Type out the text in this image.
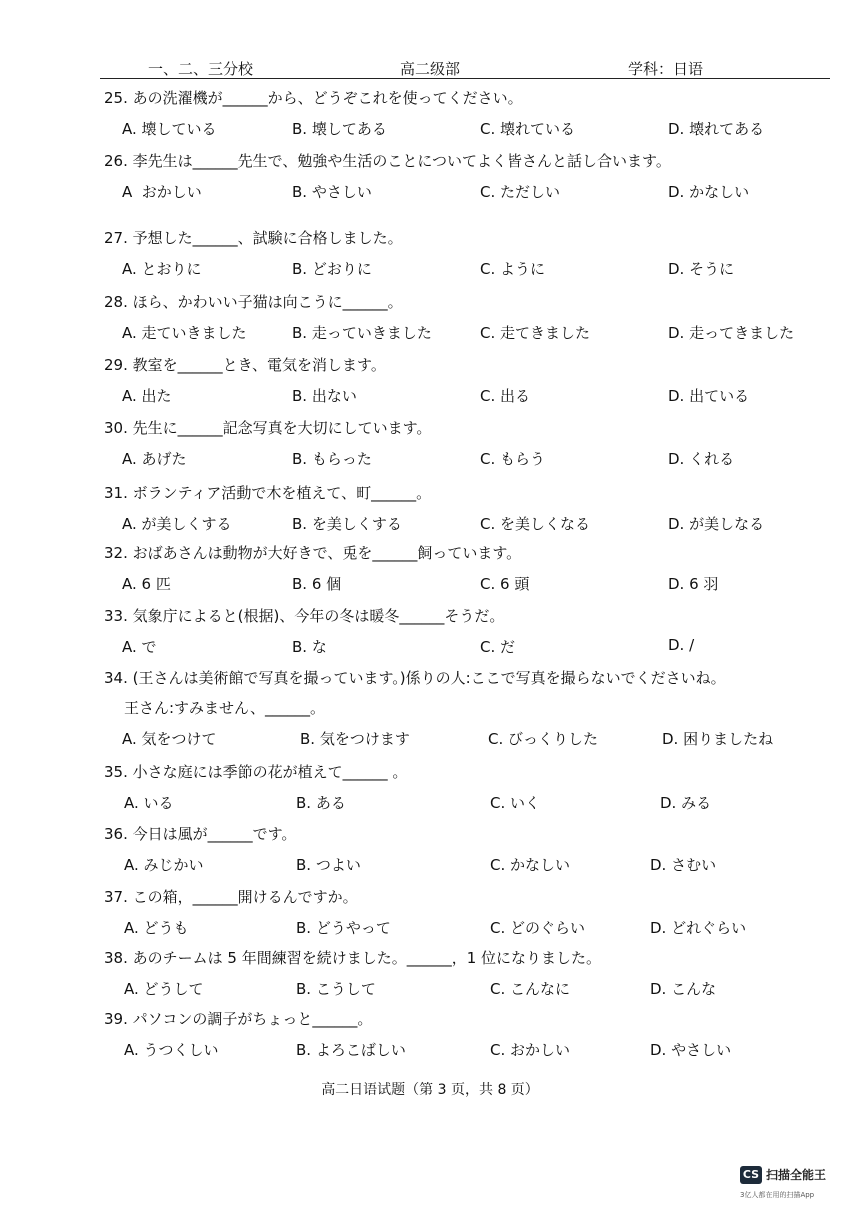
一、二、三分校	高二级部	学科：日语
25. あの洗濯機が______から、どうぞこれを使ってください。
A. 壊している	B. 壊してある	C. 壊れている	D. 壊れてある
26. 李先生は______先生で、勉強や生活のことについてよく皆さんと話し合います。
A  おかしい	B. やさしい	C. ただしい	D. かなしい
27. 予想した______、試験に合格しました。
A. とおりに	B. どおりに	C. ように	D. そうに
28. ほら、かわいい子猫は向こうに______。
A. 走ていきました	B. 走っていきました	C. 走てきました	D. 走ってきました
29. 教室を______とき、電気を消します。
A. 出た	B. 出ない	C. 出る	D. 出ている
30. 先生に______記念写真を大切にしています。
A. あげた	B. もらった	C. もらう	D. くれる
31. ボランティア活動で木を植えて、町______。
A. が美しくする	B. を美しくする	C. を美しくなる	D. が美しなる
32. おばあさんは動物が大好きで、兎を______飼っています。
A. 6 匹	B. 6 個	C. 6 頭	D. 6 羽
33. 気象庁によると(根据)、今年の冬は暖冬______そうだ。
A. で	B. な	C. だ	D. /
34. (王さんは美術館で写真を撮っています。)係りの人:ここで写真を撮らないでくださいね。
王さん:すみません、______。
A. 気をつけて	B. 気をつけます	C. びっくりした	D. 困りましたね
35. 小さな庭には季節の花が植えて______ 。
A. いる	B. ある	C. いく	D. みる
36. 今日は風が______です。
A. みじかい	B. つよい	C. かなしい	D. さむい
37. この箱，______開けるんですか。
A. どうも	B. どうやって	C. どのぐらい	D. どれぐらい
38. あのチームは 5 年間練習を続けました。______，1 位になりました。
A. どうして	B. こうして	C. こんなに	D. こんな
39. パソコンの調子がちょっと______。
A. うつくしい	B. よろこばしい	C. おかしい	D. やさしい
高二日语试题（第 3 页，共 8 页）
CS 扫描全能王
3亿人都在用的扫描App
